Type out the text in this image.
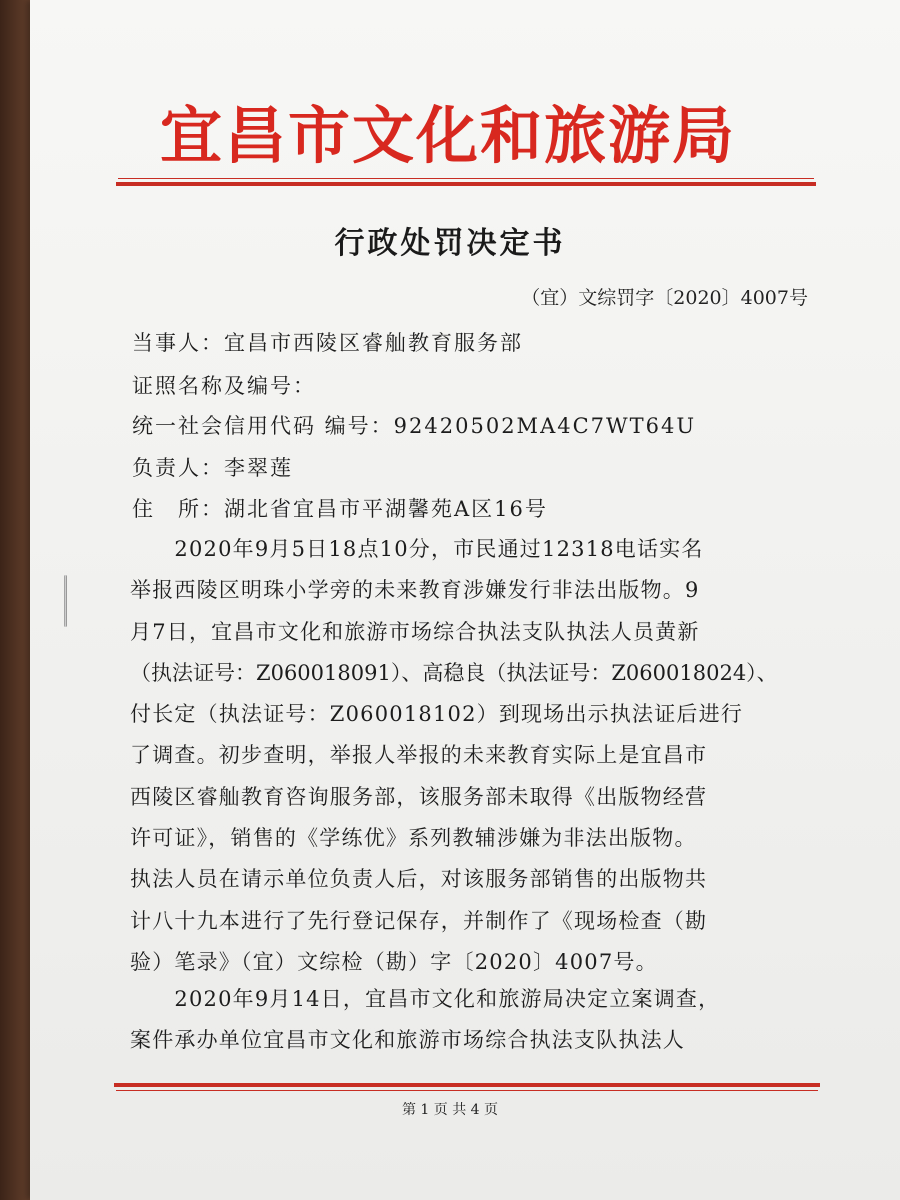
宜昌市文化和旅游局
行政处罚决定书
（宜）文综罚字〔2020〕4007号
当事人：宜昌市西陵区睿舢教育服务部
证照名称及编号：
统一社会信用代码 编号：92420502MA4C7WT64U
负责人：李翠莲
住　所：湖北省宜昌市平湖馨苑A区16号
　　2020年9月5日18点10分，市民通过12318电话实名
举报西陵区明珠小学旁的未来教育涉嫌发行非法出版物。9
月7日，宜昌市文化和旅游市场综合执法支队执法人员黄新
（执法证号：Z060018091）、高稳良（执法证号：Z060018024）、
付长定（执法证号：Z060018102）到现场出示执法证后进行
了调查。初步查明，举报人举报的未来教育实际上是宜昌市
西陵区睿舢教育咨询服务部，该服务部未取得《出版物经营
许可证》，销售的《学练优》系列教辅涉嫌为非法出版物。
执法人员在请示单位负责人后，对该服务部销售的出版物共
计八十九本进行了先行登记保存，并制作了《现场检查（勘
验）笔录》（宜）文综检（勘）字〔2020〕4007号。
　　2020年9月14日，宜昌市文化和旅游局决定立案调查，
案件承办单位宜昌市文化和旅游市场综合执法支队执法人
第 1 页 共 4 页
